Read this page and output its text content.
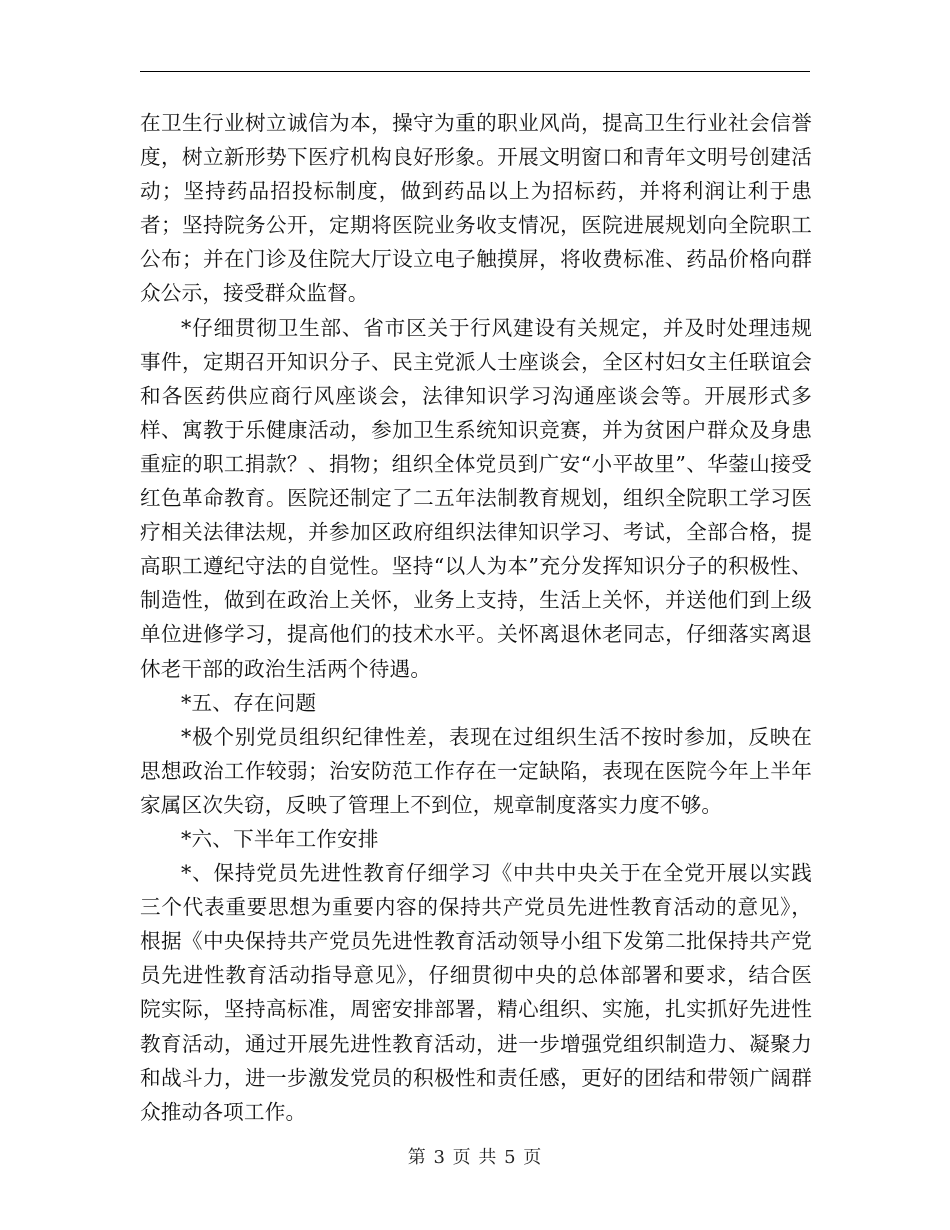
在卫生行业树立诚信为本，操守为重的职业风尚，提高卫生行业社会信誉度，树立新形势下医疗机构良好形象。开展文明窗口和青年文明号创建活动；坚持药品招投标制度，做到药品以上为招标药，并将利润让利于患者；坚持院务公开，定期将医院业务收支情况，医院进展规划向全院职工公布；并在门诊及住院大厅设立电子触摸屏，将收费标准、药品价格向群众公示，接受群众监督。

*仔细贯彻卫生部、省市区关于行风建设有关规定，并及时处理违规事件，定期召开知识分子、民主党派人士座谈会，全区村妇女主任联谊会和各医药供应商行风座谈会，法律知识学习沟通座谈会等。开展形式多样、寓教于乐健康活动，参加卫生系统知识竞赛，并为贫困户群众及身患重症的职工捐款？、捐物；组织全体党员到广安“小平故里”、华蓥山接受红色革命教育。医院还制定了二五年法制教育规划，组织全院职工学习医疗相关法律法规，并参加区政府组织法律知识学习、考试，全部合格，提高职工遵纪守法的自觉性。坚持“以人为本”充分发挥知识分子的积极性、制造性，做到在政治上关怀，业务上支持，生活上关怀，并送他们到上级单位进修学习，提高他们的技术水平。关怀离退休老同志，仔细落实离退休老干部的政治生活两个待遇。

*五、存在问题

*极个别党员组织纪律性差，表现在过组织生活不按时参加，反映在思想政治工作较弱；治安防范工作存在一定缺陷，表现在医院今年上半年家属区次失窃，反映了管理上不到位，规章制度落实力度不够。

*六、下半年工作安排

*、保持党员先进性教育仔细学习《中共中央关于在全党开展以实践三个代表重要思想为重要内容的保持共产党员先进性教育活动的意见》，根据《中央保持共产党员先进性教育活动领导小组下发第二批保持共产党员先进性教育活动指导意见》，仔细贯彻中央的总体部署和要求，结合医院实际，坚持高标准，周密安排部署，精心组织、实施，扎实抓好先进性教育活动，通过开展先进性教育活动，进一步增强党组织制造力、凝聚力和战斗力，进一步激发党员的积极性和责任感，更好的团结和带领广阔群众推动各项工作。

第 3 页 共 5 页
